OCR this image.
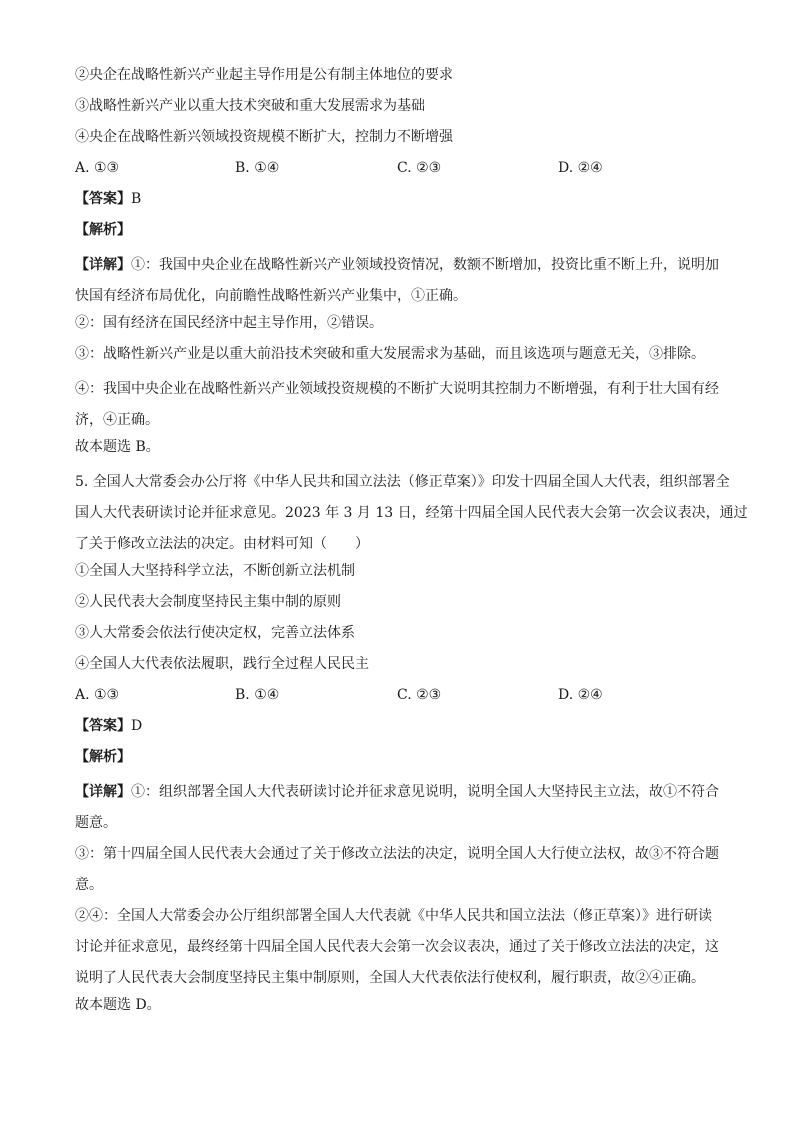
②央企在战略性新兴产业起主导作用是公有制主体地位的要求
③战略性新兴产业以重大技术突破和重大发展需求为基础
④央企在战略性新兴领域投资规模不断扩大，控制力不断增强
A. ①③	B. ①④	C. ②③	D. ②④
【答案】B
【解析】

【详解】①：我国中央企业在战略性新兴产业领域投资情况，数额不断增加，投资比重不断上升，说明加
快国有经济布局优化，向前瞻性战略性新兴产业集中，①正确。

②：国有经济在国民经济中起主导作用，②错误。
③：战略性新兴产业是以重大前沿技术突破和重大发展需求为基础，而且该选项与题意无关，③排除。

④：我国中央企业在战略性新兴产业领域投资规模的不断扩大说明其控制力不断增强，有利于壮大国有经
济，④正确。

故本题选 B。

5. 全国人大常委会办公厅将《中华人民共和国立法法（修正草案）》印发十四届全国人大代表，组织部署全
国人大代表研读讨论并征求意见。2023 年 3 月 13 日，经第十四届全国人民代表大会第一次会议表决，通过
了关于修改立法法的决定。由材料可知（　　）

①全国人大坚持科学立法，不断创新立法机制
②人民代表大会制度坚持民主集中制的原则
③人大常委会依法行使决定权，完善立法体系
④全国人大代表依法履职，践行全过程人民民主
A. ①③	B. ①④	C. ②③	D. ②④
【答案】D
【解析】

【详解】①：组织部署全国人大代表研读讨论并征求意见说明，说明全国人大坚持民主立法，故①不符合
题意。

③：第十四届全国人民代表大会通过了关于修改立法法的决定，说明全国人大行使立法权，故③不符合题
意。

②④：全国人大常委会办公厅组织部署全国人大代表就《中华人民共和国立法法（修正草案）》进行研读
讨论并征求意见，最终经第十四届全国人民代表大会第一次会议表决，通过了关于修改立法法的决定，这
说明了人民代表大会制度坚持民主集中制原则，全国人大代表依法行使权利，履行职责，故②④正确。

故本题选 D。
